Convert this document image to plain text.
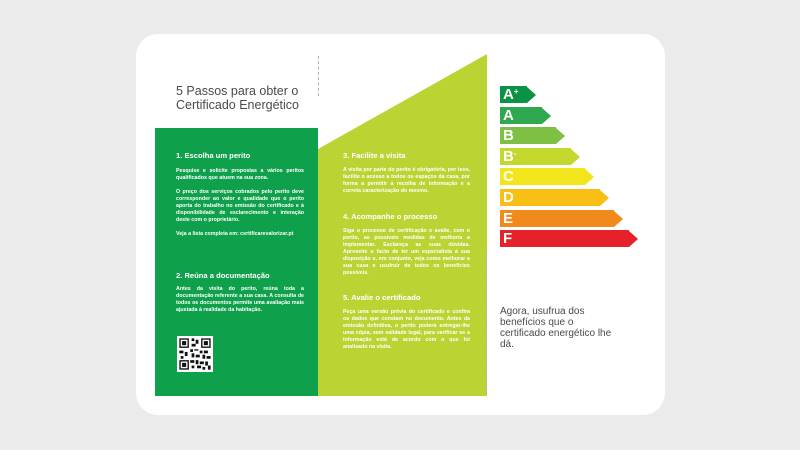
5 Passos para obter o Certificado Energético
1. Escolha um perito

Pesquise e solicite propostas a vários peritos qualificados que atuem na sua zona.

O preço dos serviços cobrados pelo perito deve corresponder ao valor e qualidade que o perito aporta do trabalho no emissão do certificado e à disponibilidade de esclarecimento e interação deste com o proprietário.

Veja a lista completa em: certificarevalorizar.pt

2. Reúna a documentação

Antes da visita do perito, reúna toda a documentação referente a sua casa. A consulta de todos os documentos permite uma avaliação mais ajustada à realidade da habitação.

3. Facilite a visita

A visita por parte do perito é obrigatória, por isso, facilite o acesso a todos os espaços da casa, por forma a permitir a recolha de informação e a correta caracterização do mesmo.

4. Acompanhe o processo

Siga o processo de certificação e avalie, com o perito, as possíveis medidas de melhoria a implementar. Esclareça as suas dúvidas. Aproveite o facto de ter um especialista à sua disposição e, em conjunto, veja como melhorar a sua casa e usufruir de todos os benefícios possíveis.

5. Avalie o certificado

Peça uma versão prévia do certificado e confira os dados que constam no documento. Antes da emissão definitiva, o perito poderá entregar-lhe uma cópia, sem validade legal, para verificar se a informação está de acordo com o que foi analisado na visita.

A+
A
B
B-
C
D
E
F

Agora, usufrua dos benefícios que o certificado energético lhe dá.
